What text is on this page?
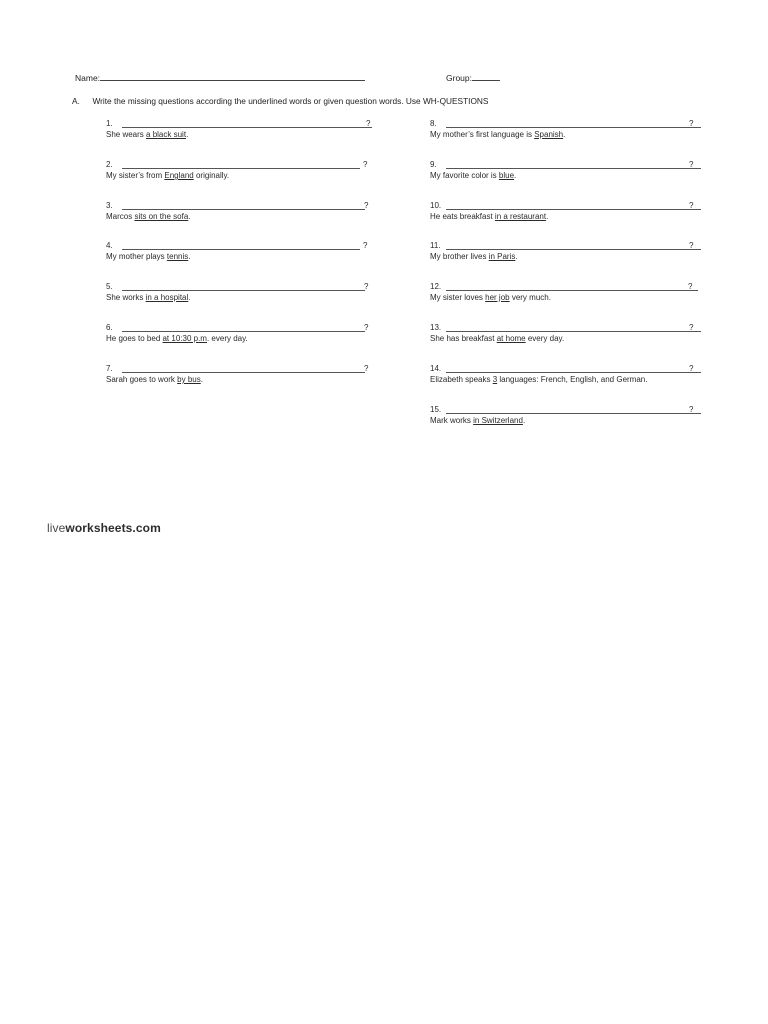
Name:	Group:
A. Write the missing questions according the underlined words or given question words. Use WH-QUESTIONS
1.	?
She wears a black suit.
2.	?
My sister’s from England originally.
3.	?
Marcos sits on the sofa.
4.	?
My mother plays tennis.
5.	?
She works in a hospital.
6.	?
He goes to bed at 10:30 p.m. every day.
7.	?
Sarah goes to work by bus.
8.	?
My mother’s first language is Spanish.
9.	?
My favorite color is blue.
10.	?
He eats breakfast in a restaurant.
11.	?
My brother lives in Paris.
12.	?
My sister loves her job very much.
13.	?
She has breakfast at home every day.
14.	?
Elizabeth speaks 3 languages: French, English, and German.
15.	?
Mark works in Switzerland.
liveworksheets.com
